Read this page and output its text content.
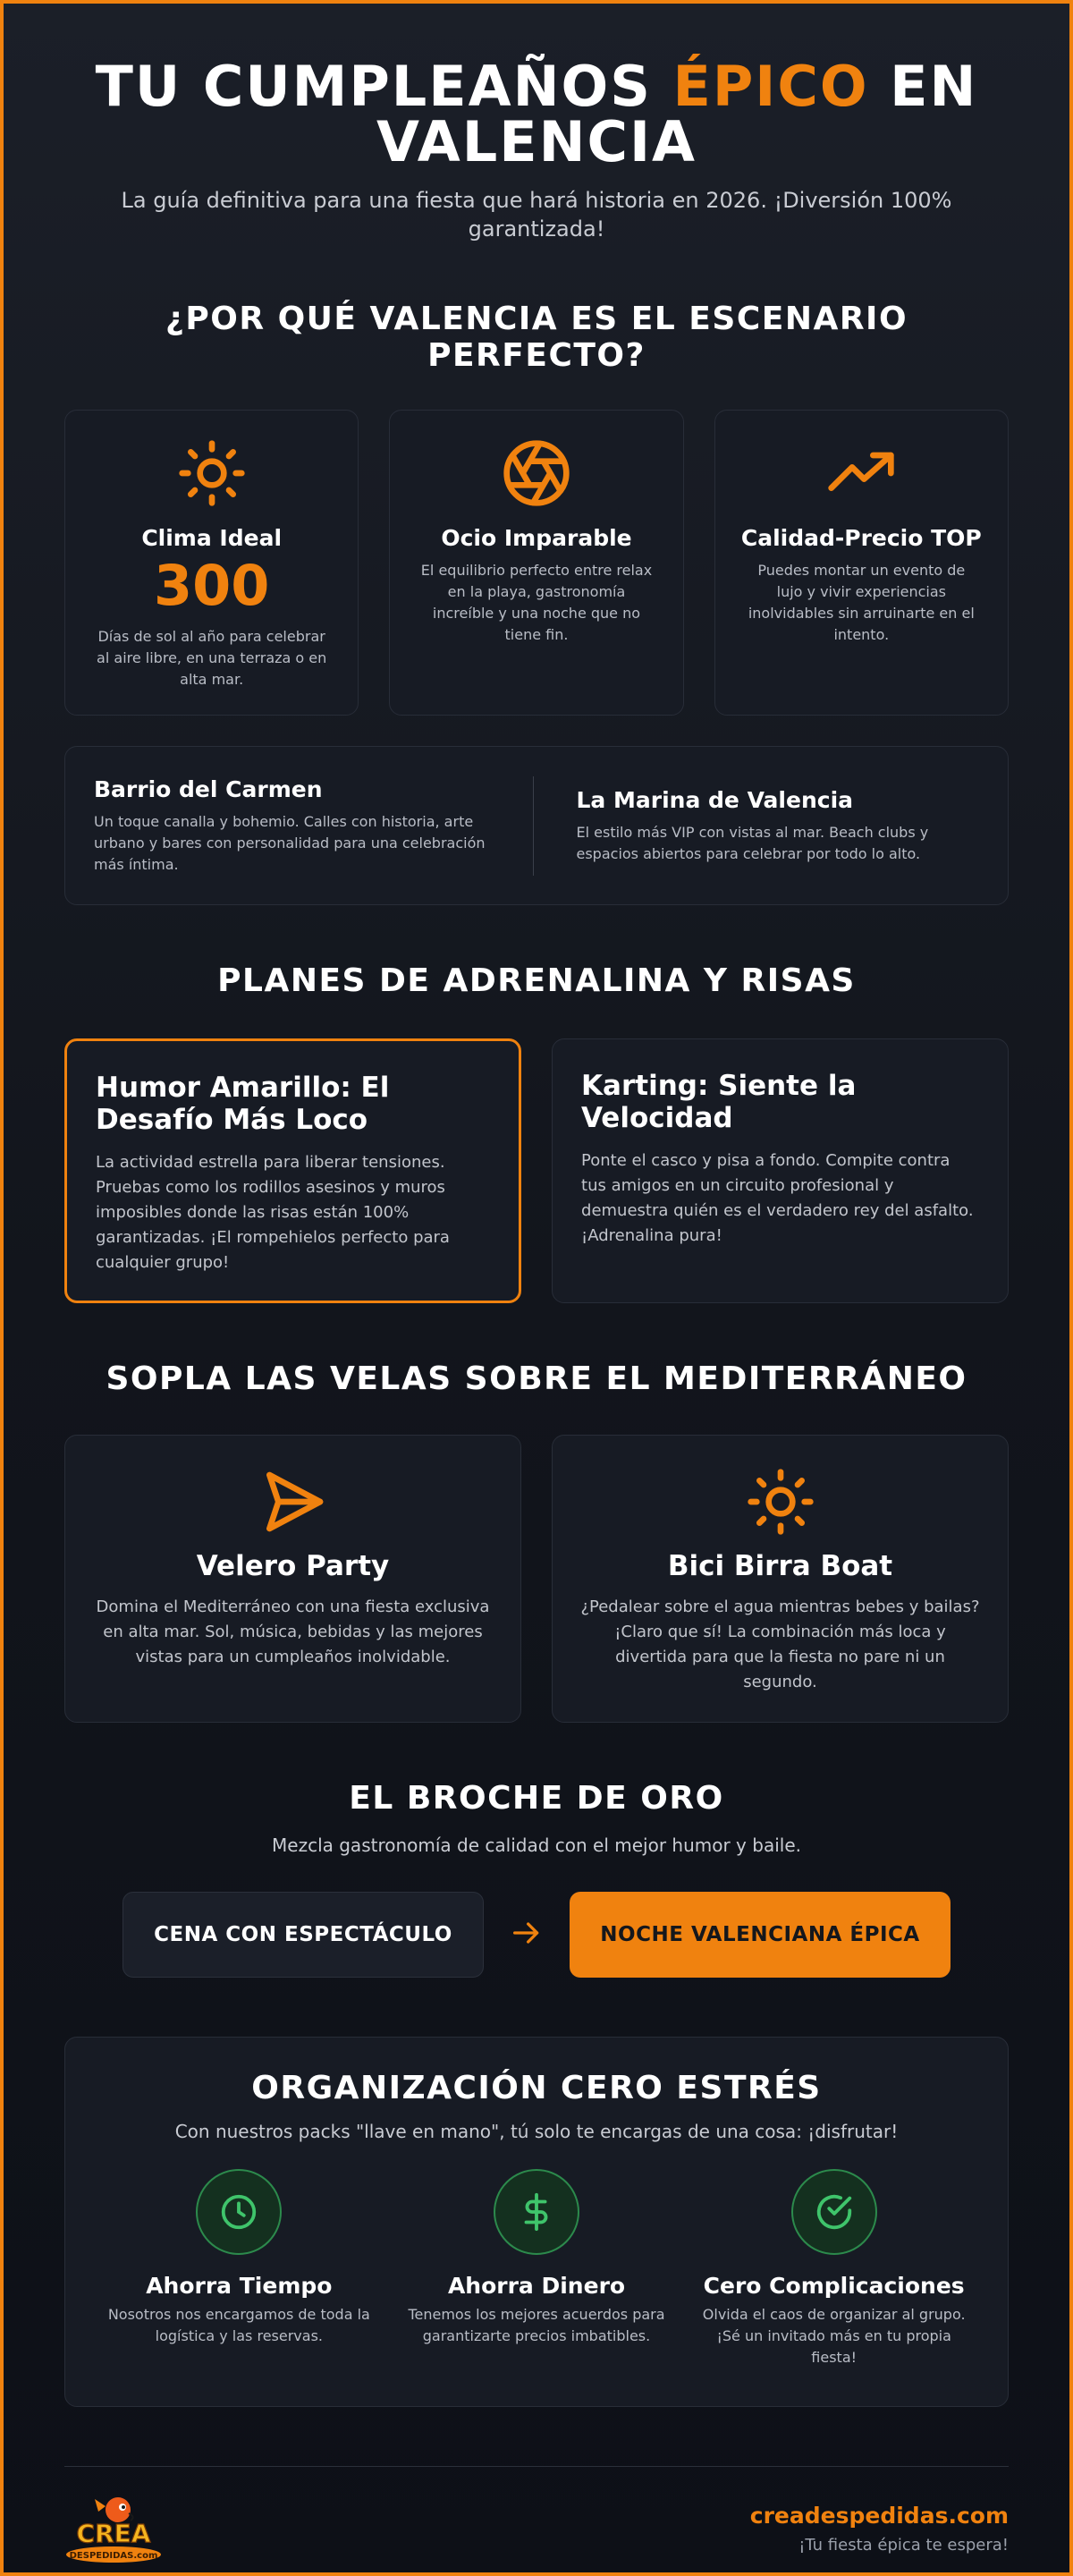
TU CUMPLEAÑOS ÉPICO EN
VALENCIA

La guía definitiva para una fiesta que hará historia en 2026. ¡Diversión 100% garantizada!

¿POR QUÉ VALENCIA ES EL ESCENARIO PERFECTO?
Clima Ideal
300

Días de sol al año para celebrar al aire libre, en una terraza o en alta mar.

Ocio Imparable

El equilibrio perfecto entre relax en la playa, gastronomía increíble y una noche que no tiene fin.

Calidad-Precio TOP

Puedes montar un evento de lujo y vivir experiencias inolvidables sin arruinarte en el intento.

Barrio del Carmen

Un toque canalla y bohemio. Calles con historia, arte urbano y bares con personalidad para una celebración más íntima.

La Marina de Valencia

El estilo más VIP con vistas al mar. Beach clubs y espacios abiertos para celebrar por todo lo alto.

PLANES DE ADRENALINA Y RISAS
Humor Amarillo: El Desafío Más Loco

La actividad estrella para liberar tensiones. Pruebas como los rodillos asesinos y muros imposibles donde las risas están 100% garantizadas. ¡El rompehielos perfecto para cualquier grupo!

Karting: Siente la Velocidad

Ponte el casco y pisa a fondo. Compite contra tus amigos en un circuito profesional y demuestra quién es el verdadero rey del asfalto. ¡Adrenalina pura!

SOPLA LAS VELAS SOBRE EL MEDITERRÁNEO
Velero Party

Domina el Mediterráneo con una fiesta exclusiva en alta mar. Sol, música, bebidas y las mejores vistas para un cumpleaños inolvidable.

Bici Birra Boat

¿Pedalear sobre el agua mientras bebes y bailas? ¡Claro que sí! La combinación más loca y divertida para que la fiesta no pare ni un segundo.

EL BROCHE DE ORO

Mezcla gastronomía de calidad con el mejor humor y baile.

CENA CON ESPECTÁCULO	NOCHE VALENCIANA ÉPICA
ORGANIZACIÓN CERO ESTRÉS

Con nuestros packs "llave en mano", tú solo te encargas de una cosa: ¡disfrutar!

Ahorra Tiempo

Nosotros nos encargamos de toda la logística y las reservas.

Ahorra Dinero

Tenemos los mejores acuerdos para garantizarte precios imbatibles.

Cero Complicaciones

Olvida el caos de organizar al grupo. ¡Sé un invitado más en tu propia fiesta!

CREA
DESPEDIDAS.com
creadespedidas.com
¡Tu fiesta épica te espera!
